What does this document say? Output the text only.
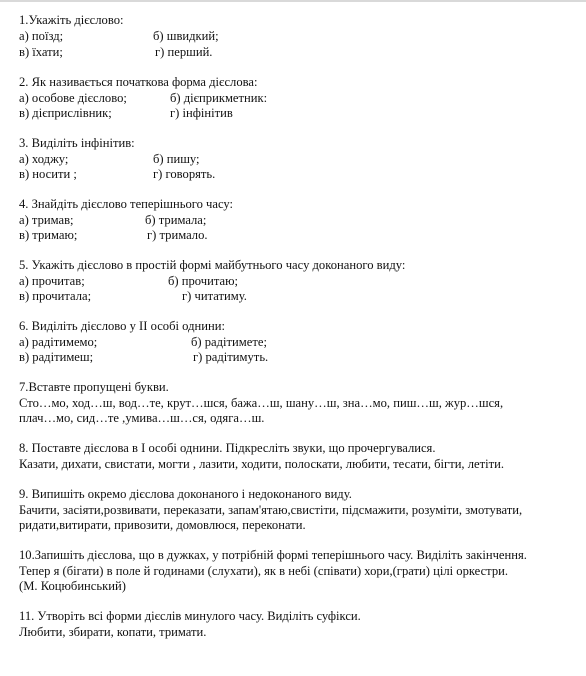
1.Укажіть дієслово:
а) поїзд;	б) швидкий;
в) їхати;	г) перший.
2. Як називається початкова форма дієслова:
а) особове дієслово;	б) дієприкметник:
в) дієприслівник;	г) інфінітив
3. Виділіть інфінітив:
а) ходжу;	б) пишу;
в) носити ;	г) говорять.
4. Знайдіть дієслово теперішнього часу:
а) тримав;	б) тримала;
в) тримаю;	г) тримало.
5. Укажіть дієслово в простій формі майбутнього часу доконаного виду:
а) прочитав;	б) прочитаю;
в) прочитала;	г) читатиму.
6. Виділіть дієслово у ІІ особі однини:
а) радітимемо;	б) радітимете;
в) радітимеш;	г) радітимуть.
7.Вставте пропущені букви.
Сто…мо, ход…ш, вод…те, крут…шся, бажа…ш, шану…ш, зна…мо, пиш…ш, жур…шся,
плач…мо, сид…те ,умива…ш…ся, одяга…ш.
8. Поставте дієслова в І особі однини. Підкресліть звуки, що прочергувалися.
Казати, дихати, свистати, могти , лазити, ходити, полоскати, любити, тесати, бігти, летіти.
9. Випишіть окремо дієслова доконаного і недоконаного виду.
Бачити, засіяти,розвивати, переказати, запам'ятаю,свистіти, підсмажити, розуміти, змотувати,
ридати,витирати, привозити, домовлюся, переконати.
10.Запишіть дієслова, що в дужках, у потрібній формі теперішнього часу. Виділіть закінчення.
Тепер я (бігати) в поле й годинами (слухати), як в небі (співати) хори,(грати) цілі оркестри.
(М. Коцюбинський)
11. Утворіть всі форми дієслів минулого часу. Виділіть суфікси.
Любити, збирати, копати, тримати.
